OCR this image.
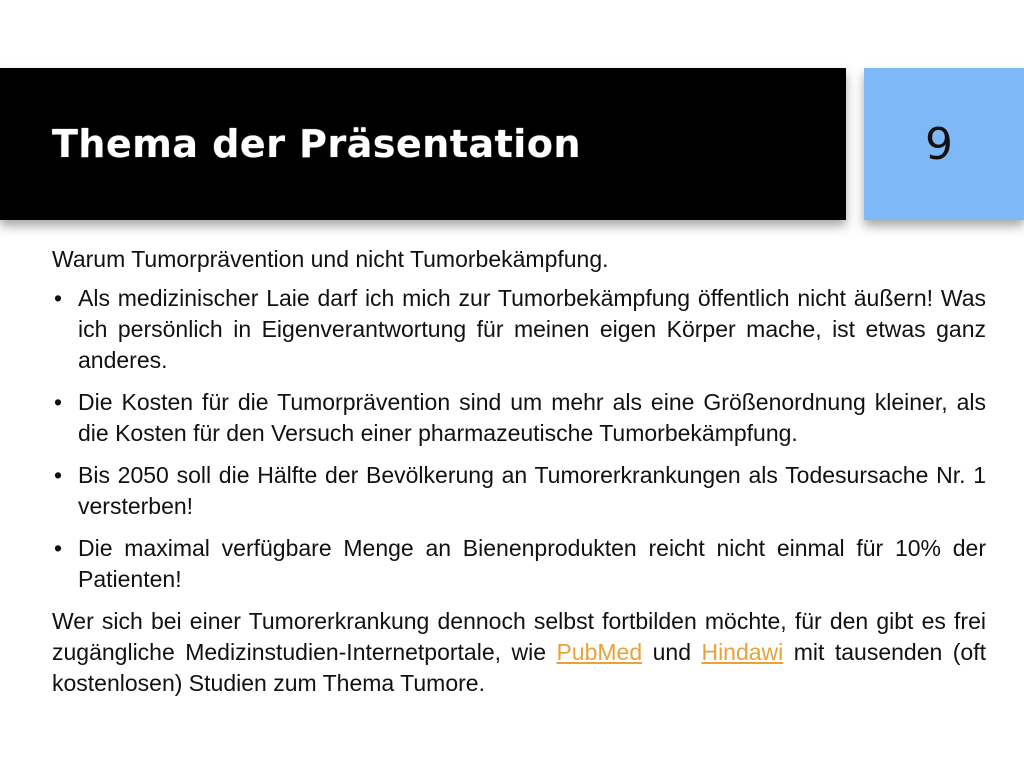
Thema der Präsentation	9

Warum Tumorprävention und nicht Tumorbekämpfung.

• Als medizinischer Laie darf ich mich zur Tumorbekämpfung öffentlich nicht äußern! Was ich persönlich in Eigenverantwortung für meinen eigen Körper mache, ist etwas ganz anderes.
• Die Kosten für die Tumorprävention sind um mehr als eine Größenordnung kleiner, als die Kosten für den Versuch einer pharmazeutische Tumorbekämpfung.
• Bis 2050 soll die Hälfte der Bevölkerung an Tumorerkrankungen als Todesursache Nr. 1 versterben!
• Die maximal verfügbare Menge an Bienenprodukten reicht nicht einmal für 10% der Patienten!

Wer sich bei einer Tumorerkrankung dennoch selbst fortbilden möchte, für den gibt es frei zugängliche Medizinstudien-Internetportale, wie PubMed und Hindawi mit tausenden (oft kostenlosen) Studien zum Thema Tumore.
